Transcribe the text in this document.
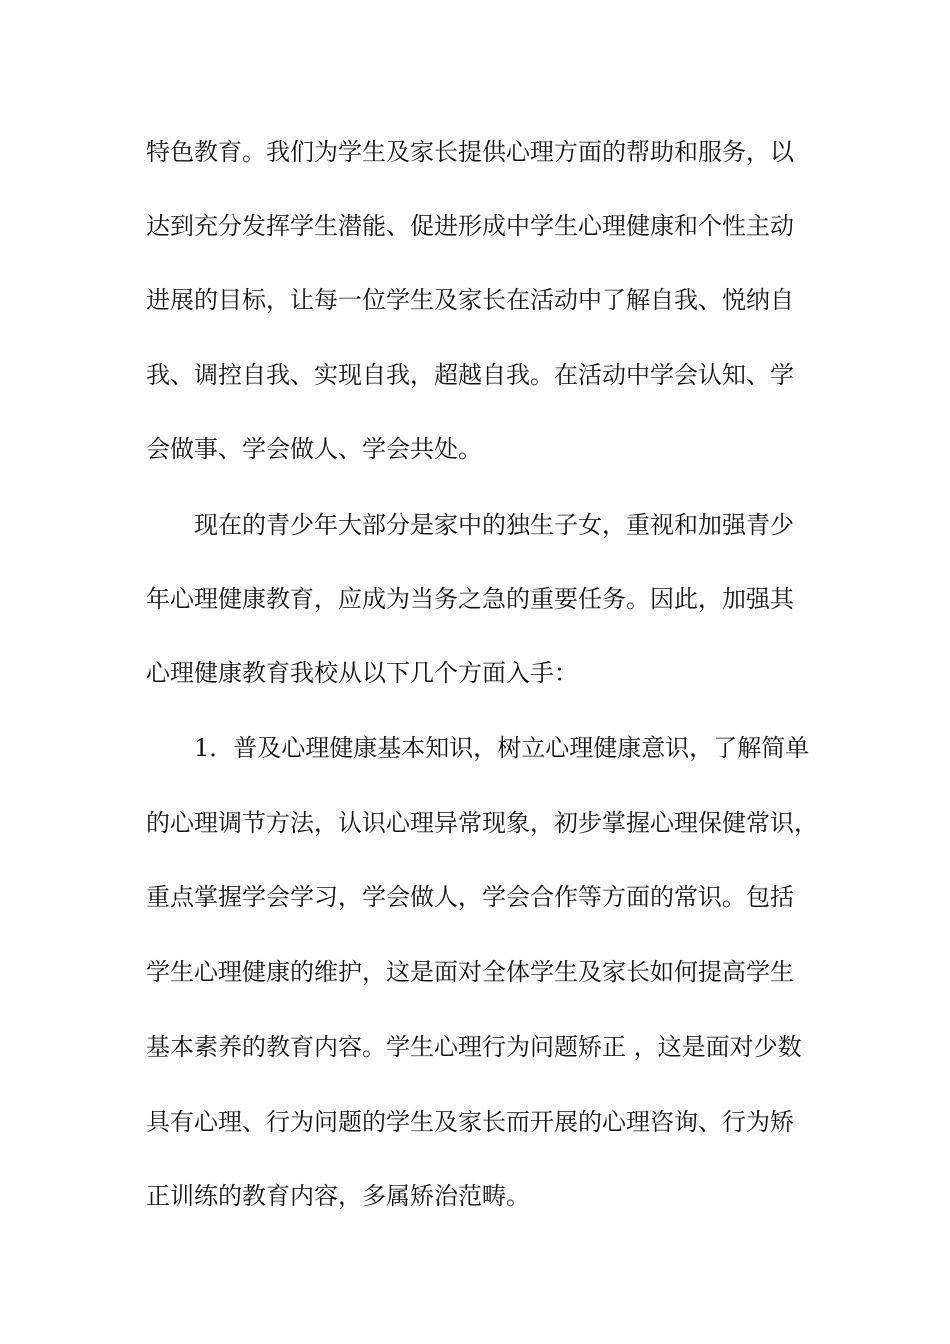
特色教育。我们为学生及家长提供心理方面的帮助和服务，以
达到充分发挥学生潜能、促进形成中学生心理健康和个性主动
进展的目标，让每一位学生及家长在活动中了解自我、悦纳自
我、调控自我、实现自我，超越自我。在活动中学会认知、学
会做事、学会做人、学会共处。
现在的青少年大部分是家中的独生子女，重视和加强青少
年心理健康教育，应成为当务之急的重要任务。因此，加强其
心理健康教育我校从以下几个方面入手：
1．普及心理健康基本知识，树立心理健康意识，了解简单
的心理调节方法，认识心理异常现象，初步掌握心理保健常识，
重点掌握学会学习，学会做人，学会合作等方面的常识。包括
学生心理健康的维护，这是面对全体学生及家长如何提高学生
基本素养的教育内容。学生心理行为问题矫正 ，这是面对少数
具有心理、行为问题的学生及家长而开展的心理咨询、行为矫
正训练的教育内容，多属矫治范畴。
